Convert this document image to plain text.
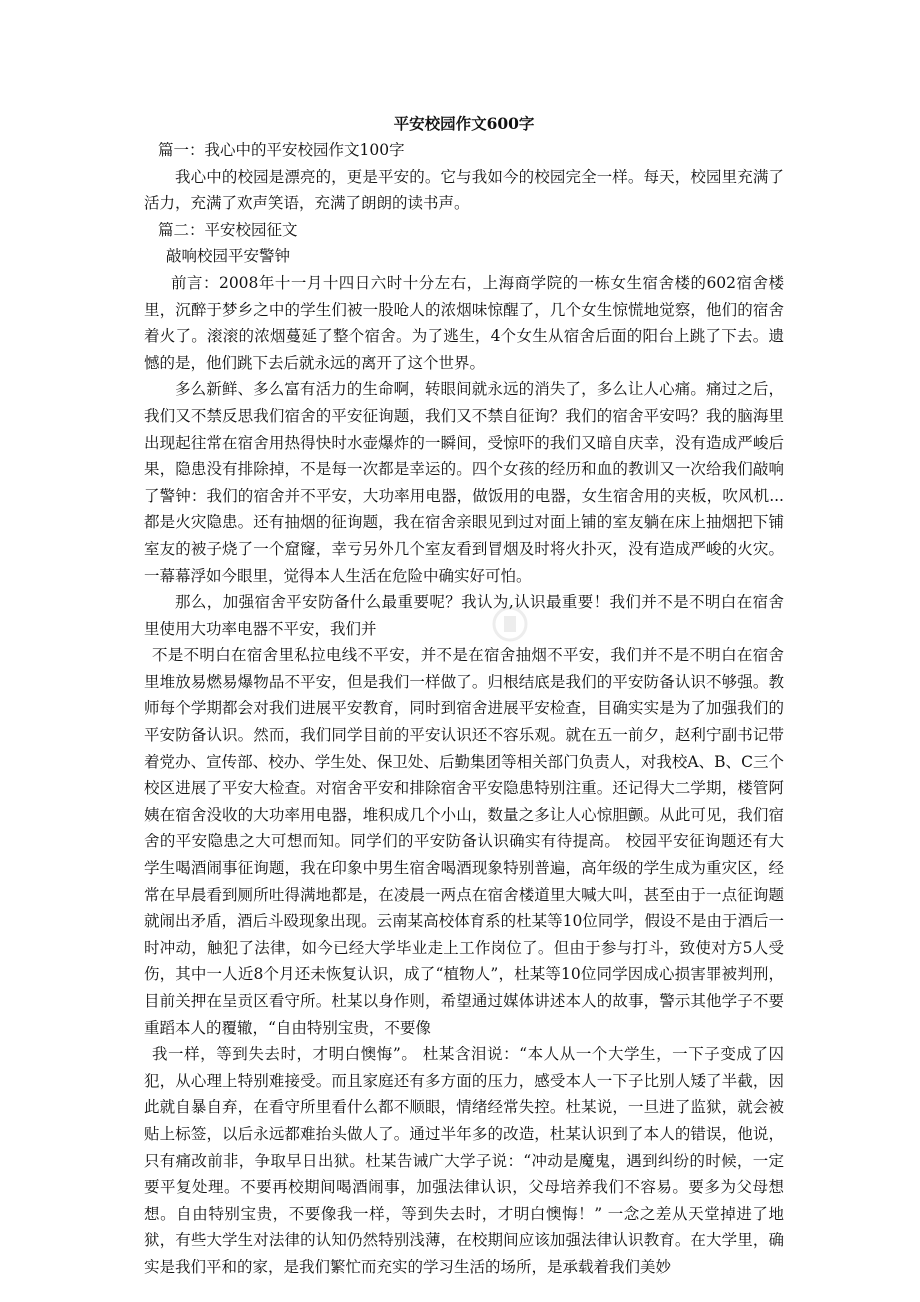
平安校园作文600字

篇一：我心中的平安校园作文100字

我心中的校园是漂亮的，更是平安的。它与我如今的校园完全一样。每天，校园里充满了活力，充满了欢声笑语，充满了朗朗的读书声。

篇二：平安校园征文

敲响校园平安警钟

前言：2008年十一月十四日六时十分左右，上海商学院的一栋女生宿舍楼的602宿舍楼里，沉醉于梦乡之中的学生们被一股呛人的浓烟味惊醒了，几个女生惊慌地觉察，他们的宿舍着火了。滚滚的浓烟蔓延了整个宿舍。为了逃生，4个女生从宿舍后面的阳台上跳了下去。遗憾的是，他们跳下去后就永远的离开了这个世界。

多么新鲜、多么富有活力的生命啊，转眼间就永远的消失了，多么让人心痛。痛过之后，我们又不禁反思我们宿舍的平安征询题，我们又不禁自征询？我们的宿舍平安吗？我的脑海里出现起往常在宿舍用热得快时水壶爆炸的一瞬间，受惊吓的我们又暗自庆幸，没有造成严峻后果，隐患没有排除掉，不是每一次都是幸运的。四个女孩的经历和血的教训又一次给我们敲响了警钟：我们的宿舍并不平安，大功率用电器，做饭用的电器，女生宿舍用的夹板，吹风机...都是火灾隐患。还有抽烟的征询题，我在宿舍亲眼见到过对面上铺的室友躺在床上抽烟把下铺室友的被子烧了一个窟窿，幸亏另外几个室友看到冒烟及时将火扑灭，没有造成严峻的火灾。一幕幕浮如今眼里，觉得本人生活在危险中确实好可怕。

那么，加强宿舍平安防备什么最重要呢？我认为,认识最重要！我们并不是不明白在宿舍里使用大功率电器不平安，我们并

不是不明白在宿舍里私拉电线不平安，并不是在宿舍抽烟不平安，我们并不是不明白在宿舍里堆放易燃易爆物品不平安，但是我们一样做了。归根结底是我们的平安防备认识不够强。教师每个学期都会对我们进展平安教育，同时到宿舍进展平安检查，目确实实是为了加强我们的平安防备认识。然而，我们同学目前的平安认识还不容乐观。就在五一前夕，赵利宁副书记带着党办、宣传部、校办、学生处、保卫处、后勤集团等相关部门负责人，对我校A、B、C三个校区进展了平安大检查。对宿舍平安和排除宿舍平安隐患特别注重。还记得大二学期，楼管阿姨在宿舍没收的大功率用电器，堆积成几个小山，数量之多让人心惊胆颤。从此可见，我们宿舍的平安隐患之大可想而知。同学们的平安防备认识确实有待提高。 校园平安征询题还有大学生喝酒闹事征询题，我在印象中男生宿舍喝酒现象特别普遍，高年级的学生成为重灾区，经常在早晨看到厕所吐得满地都是，在凌晨一两点在宿舍楼道里大喊大叫，甚至由于一点征询题就闹出矛盾，酒后斗殴现象出现。云南某高校体育系的杜某等10位同学，假设不是由于酒后一时冲动，触犯了法律，如今已经大学毕业走上工作岗位了。但由于参与打斗，致使对方5人受伤，其中一人近8个月还未恢复认识，成了“植物人”，杜某等10位同学因成心损害罪被判刑，目前关押在呈贡区看守所。杜某以身作则，希望通过媒体讲述本人的故事，警示其他学子不要重蹈本人的覆辙，“自由特别宝贵，不要像

我一样，等到失去时，才明白懊悔”。 杜某含泪说：“本人从一个大学生，一下子变成了囚犯，从心理上特别难接受。而且家庭还有多方面的压力，感受本人一下子比别人矮了半截，因此就自暴自弃，在看守所里看什么都不顺眼，情绪经常失控。杜某说，一旦进了监狱，就会被贴上标签，以后永远都难抬头做人了。通过半年多的改造，杜某认识到了本人的错误，他说，只有痛改前非，争取早日出狱。杜某告诫广大学子说：“冲动是魔鬼，遇到纠纷的时候，一定要平复处理。不要再校期间喝酒闹事，加强法律认识，父母培养我们不容易。要多为父母想想。自由特别宝贵，不要像我一样，等到失去时，才明白懊悔！” 一念之差从天堂掉进了地狱，有些大学生对法律的认知仍然特别浅薄，在校期间应该加强法律认识教育。在大学里，确实是我们平和的家，是我们繁忙而充实的学习生活的场所，是承载着我们美妙
